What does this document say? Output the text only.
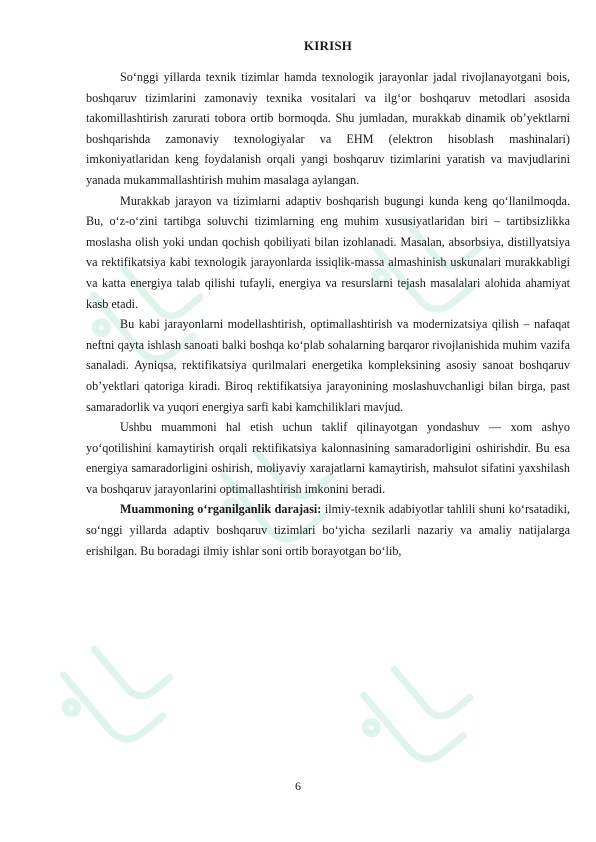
KIRISH

So‘nggi yillarda texnik tizimlar hamda texnologik jarayonlar jadal rivojlanayotgani bois, boshqaruv tizimlarini zamonaviy texnika vositalari va ilg‘or boshqaruv metodlari asosida takomillashtirish zarurati tobora ortib bormoqda. Shu jumladan, murakkab dinamik ob’yektlarni boshqarishda zamonaviy texnologiyalar va EHM (elektron hisoblash mashinalari) imkoniyatlaridan keng foydalanish orqali yangi boshqaruv tizimlarini yaratish va mavjudlarini yanada mukammallashtirish muhim masalaga aylangan.

Murakkab jarayon va tizimlarni adaptiv boshqarish bugungi kunda keng qo‘llanilmoqda. Bu, o‘z-o‘zini tartibga soluvchi tizimlarning eng muhim xususiyatlaridan biri – tartibsizlikka moslasha olish yoki undan qochish qobiliyati bilan izohlanadi. Masalan, absorbsiya, distillyatsiya va rektifikatsiya kabi texnologik jarayonlarda issiqlik-massa almashinish uskunalari murakkabligi va katta energiya talab qilishi tufayli, energiya va resurslarni tejash masalalari alohida ahamiyat kasb etadi.

Bu kabi jarayonlarni modellashtirish, optimallashtirish va modernizatsiya qilish – nafaqat neftni qayta ishlash sanoati balki boshqa ko‘plab sohalarning barqaror rivojlanishida muhim vazifa sanaladi. Ayniqsa, rektifikatsiya qurilmalari energetika kompleksining asosiy sanoat boshqaruv ob’yektlari qatoriga kiradi. Biroq rektifikatsiya jarayonining moslashuvchanligi bilan birga, past samaradorlik va yuqori energiya sarfi kabi kamchiliklari mavjud.

Ushbu muammoni hal etish uchun taklif qilinayotgan yondashuv — xom ashyo yo‘qotilishini kamaytirish orqali rektifikatsiya kalonnasining samaradorligini oshirishdir. Bu esa energiya samaradorligini oshirish, moliyaviy xarajatlarni kamaytirish, mahsulot sifatini yaxshilash va boshqaruv jarayonlarini optimallashtirish imkonini beradi.

Muammoning o‘rganilganlik darajasi: ilmiy-texnik adabiyotlar tahlili shuni ko‘rsatadiki, so‘nggi yillarda adaptiv boshqaruv tizimlari bo‘yicha sezilarli nazariy va amaliy natijalarga erishilgan. Bu boradagi ilmiy ishlar soni ortib borayotgan bo‘lib,

6
